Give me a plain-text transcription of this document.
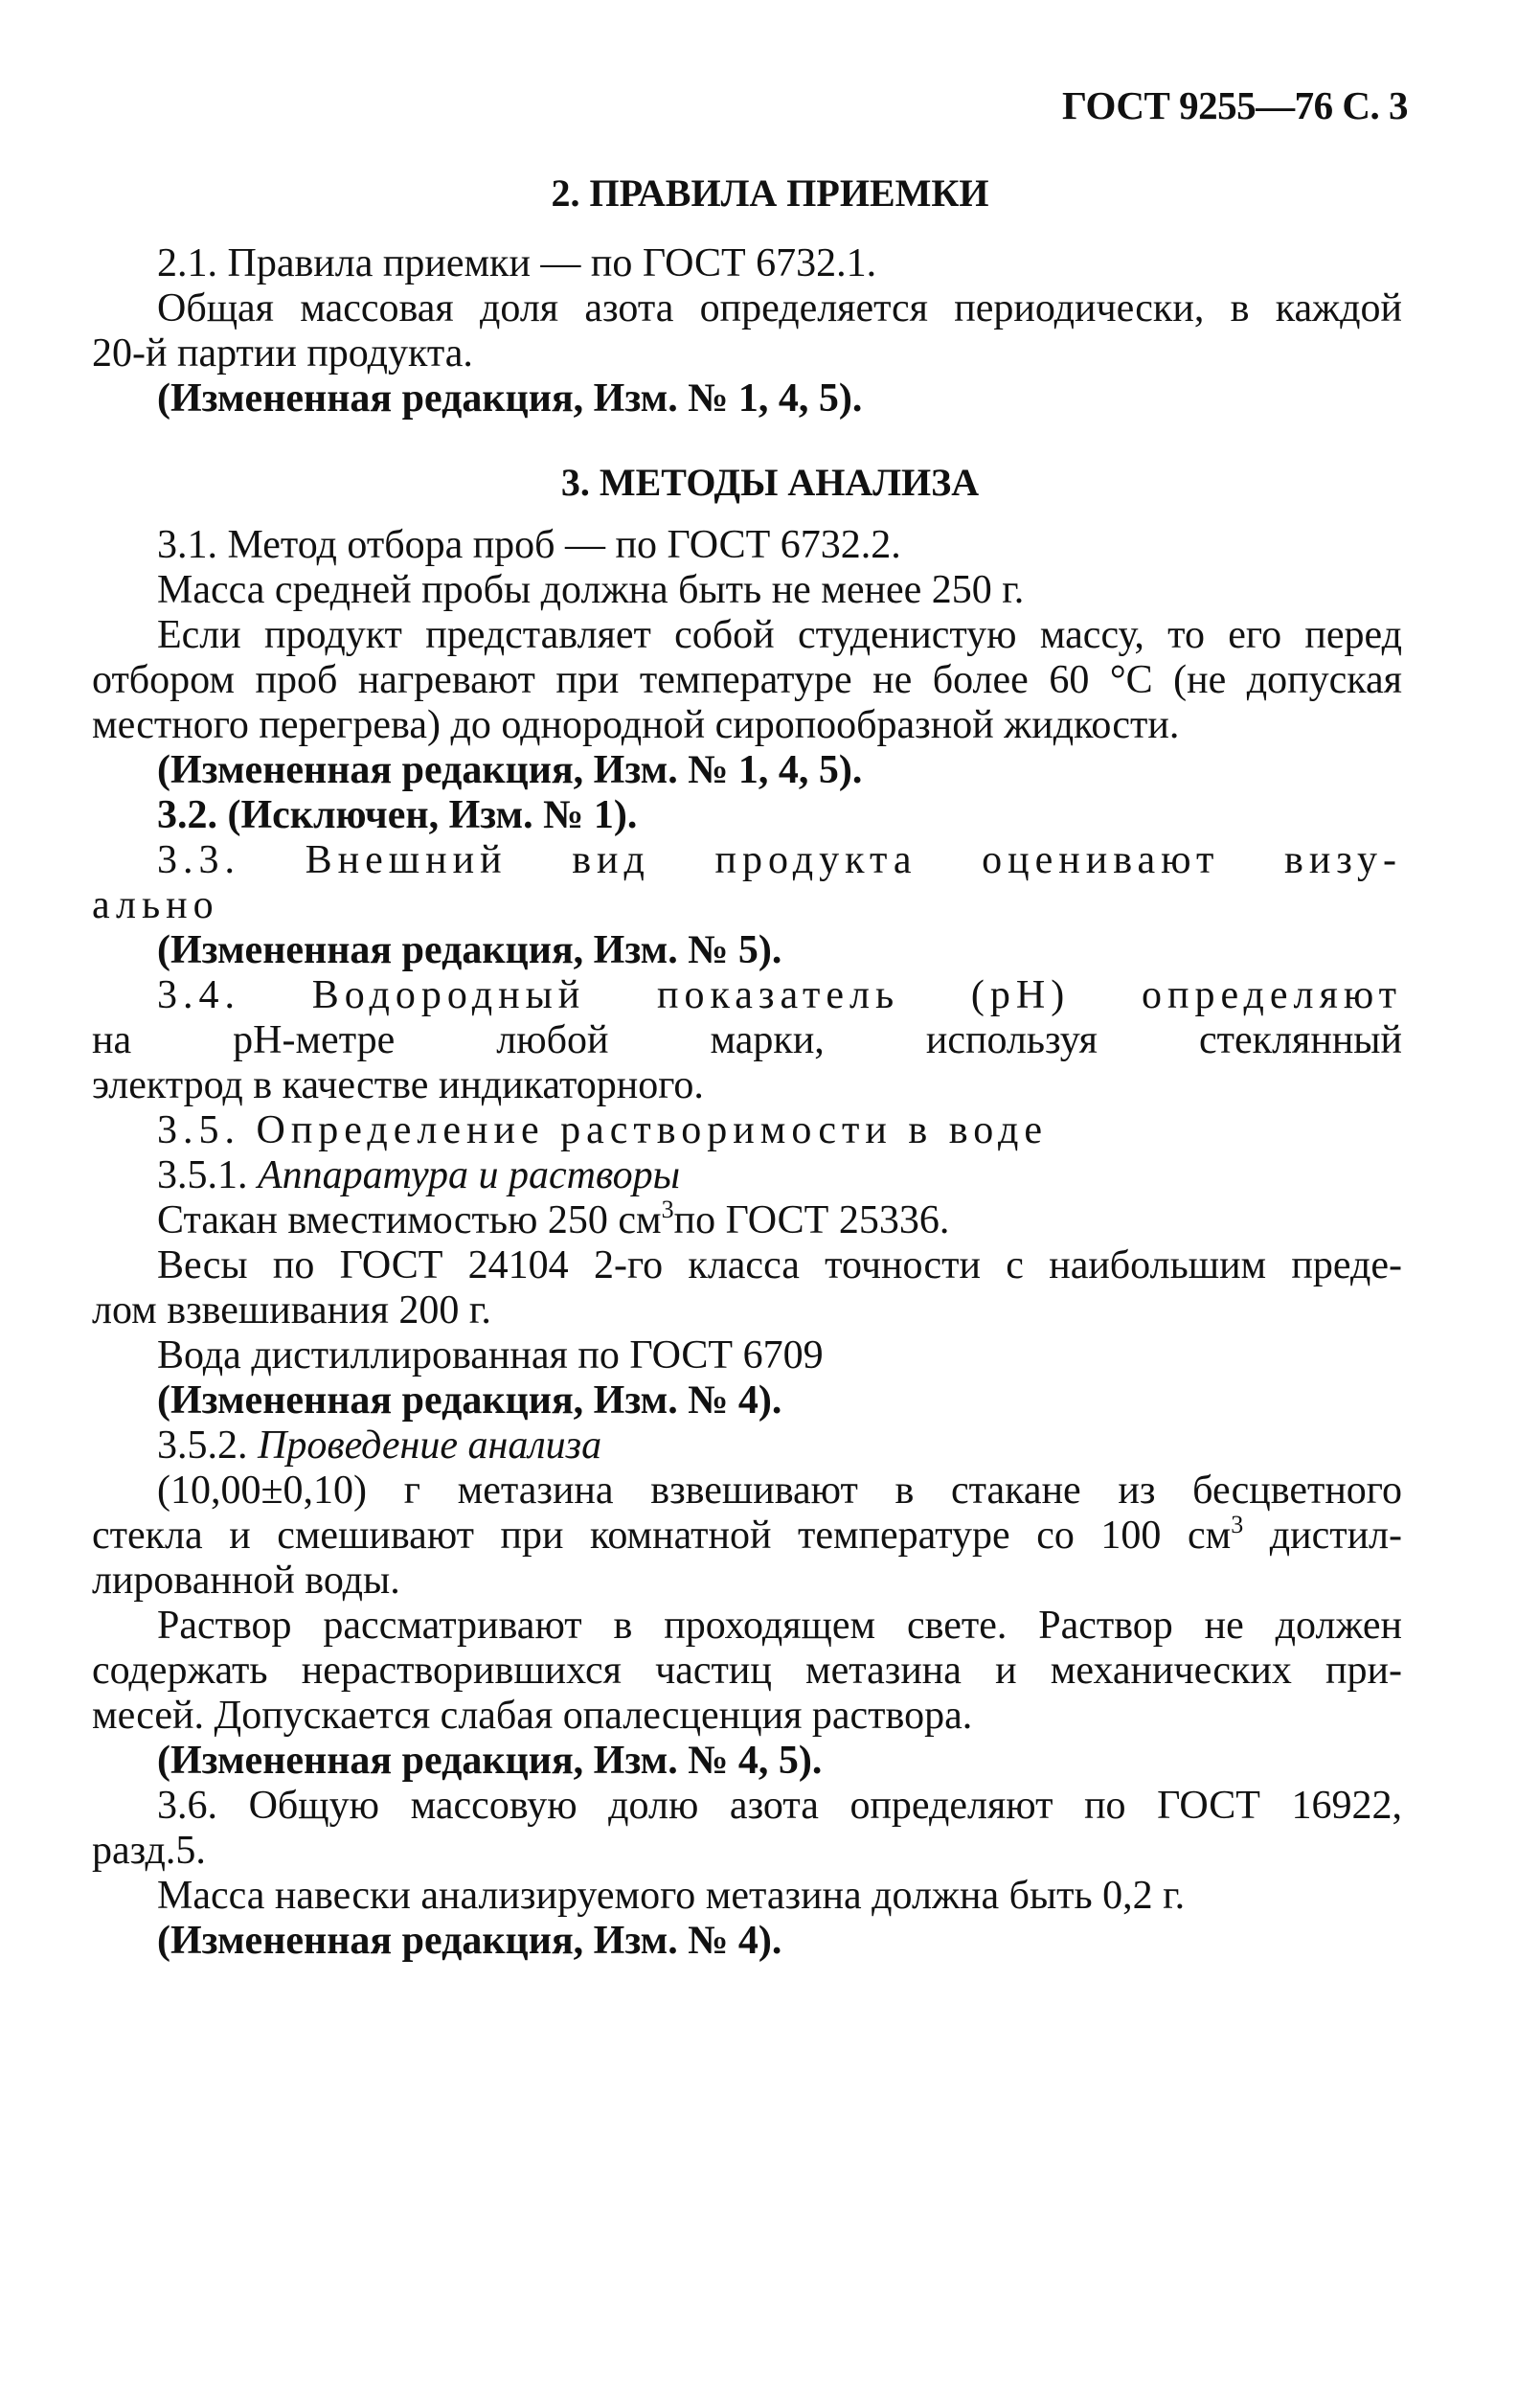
ГОСТ 9255—76 С. 3
2. ПРАВИЛА ПРИЕМКИ
2.1. Правила приемки — по ГОСТ 6732.1.
Общая массовая доля азота определяется периодически, в каждой
20-й партии продукта.
(Измененная редакция, Изм. № 1, 4, 5).
3. МЕТОДЫ АНАЛИЗА
3.1. Метод отбора проб — по ГОСТ 6732.2.
Масса средней пробы должна быть не менее 250 г.
Если продукт представляет собой студенистую массу, то его перед
отбором проб нагревают при температуре не более 60 °С (не допуская
местного перегрева) до однородной сиропообразной жидкости.
(Измененная редакция, Изм. № 1, 4, 5).
3.2. (Исключен, Изм. № 1).
3.3. Внешний вид продукта оценивают визу-
ально
(Измененная редакция, Изм. № 5).
3.4. Водородный показатель (рН) определяют
на рН-метре любой марки, используя стеклянный
электрод в качестве индикаторного.
3.5. Определение растворимости в воде
3.5.1. Аппаратура и растворы
Стакан вместимостью 250 $см^3по$ ГОСТ 25336.
Весы по ГОСТ 24104 2-го класса точности с наибольшим преде-
лом взвешивания 200 г.
Вода дистиллированная по ГОСТ 6709
(Измененная редакция, Изм. № 4).
3.5.2. Проведение анализа
(10,00±0,10) г метазина взвешивают в стакане из бесцветного
стекла и смешивают при комнатной температуре со 100 $см^3$ дистил-
лированной воды.
Раствор рассматривают в проходящем свете. Раствор не должен
содержать нерастворившихся частиц метазина и механических при-
месей. Допускается слабая опалесценция раствора.
(Измененная редакция, Изм. № 4, 5).
3.6. Общую массовую долю азота определяют по ГОСТ 16922,
разд.5.
Масса навески анализируемого метазина должна быть 0,2 г.
(Измененная редакция, Изм. № 4).
